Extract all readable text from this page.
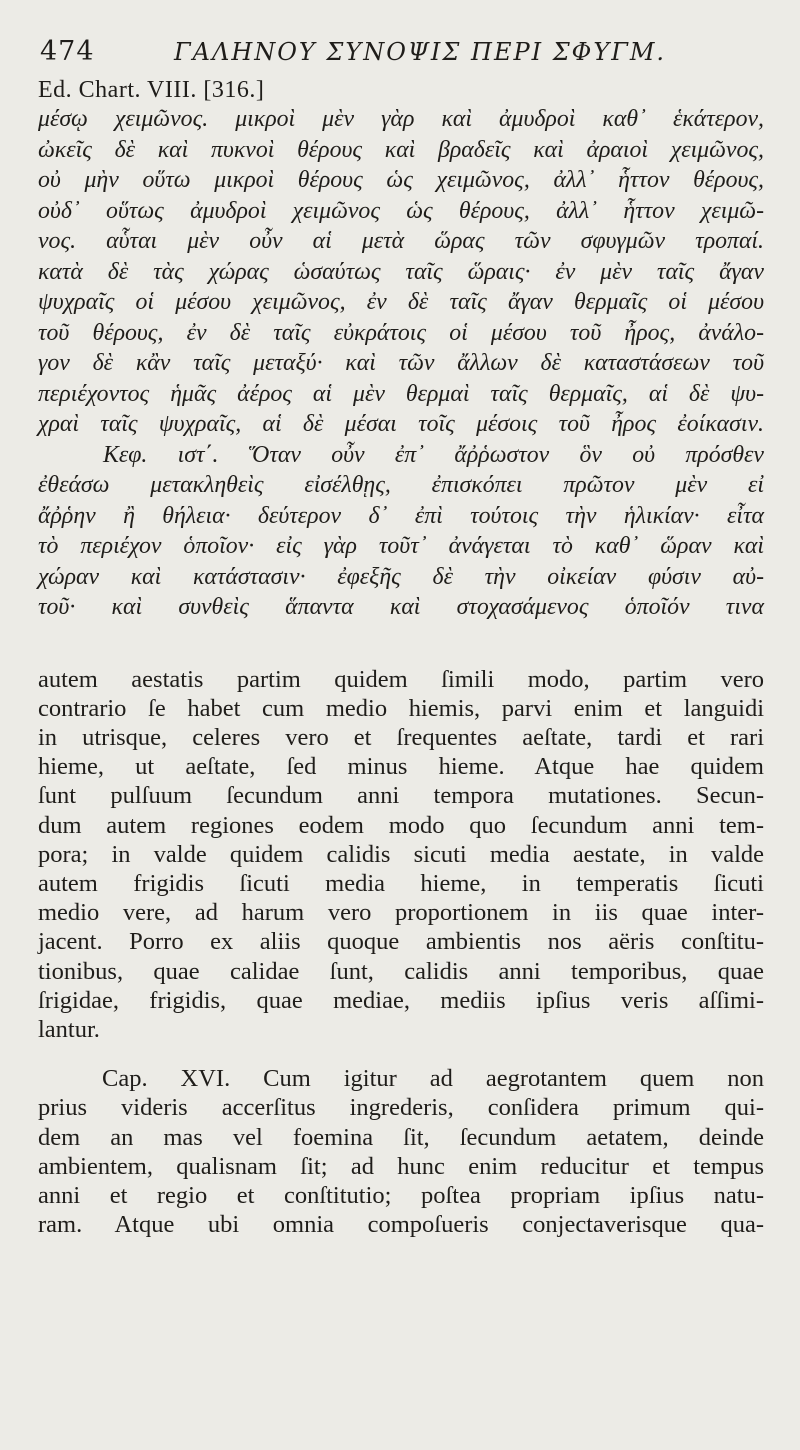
474	ΓΑΛΗΝΟΥ ΣΥΝΟΨΙΣ ΠΕΡΙ ΣΦΥΓΜ.
Ed. Chart. VIII. [316.]
μέσῳ χειμῶνος. μικροὶ μὲν γὰρ καὶ ἀμυδροὶ καθ᾽ ἑκάτερον,
ὠκεῖς δὲ καὶ πυκνοὶ θέρους καὶ βραδεῖς καὶ ἀραιοὶ χειμῶνος,
οὐ μὴν οὕτω μικροὶ θέρους ὡς χειμῶνος, ἀλλ᾽ ἧττον θέρους,
οὐδ᾽ οὕτως ἀμυδροὶ χειμῶνος ὡς θέρους, ἀλλ᾽ ἧττον χειμῶ-
νος. αὗται μὲν οὖν αἱ μετὰ ὥρας τῶν σφυγμῶν τροπαί.
κατὰ δὲ τὰς χώρας ὡσαύτως ταῖς ὥραις· ἐν μὲν ταῖς ἄγαν
ψυχραῖς οἱ μέσου χειμῶνος, ἐν δὲ ταῖς ἄγαν θερμαῖς οἱ μέσου
τοῦ θέρους, ἐν δὲ ταῖς εὐκράτοις οἱ μέσου τοῦ ἦρος, ἀνάλο-
γον δὲ κἂν ταῖς μεταξύ· καὶ τῶν ἄλλων δὲ καταστάσεων τοῦ
περιέχοντος ἡμᾶς ἀέρος αἱ μὲν θερμαὶ ταῖς θερμαῖς, αἱ δὲ ψυ-
χραὶ ταῖς ψυχραῖς, αἱ δὲ μέσαι τοῖς μέσοις τοῦ ἦρος ἐοίκασιν.
Κεφ. ιστ΄. Ὅταν οὖν ἐπ᾽ ἄῤῥωστον ὃν οὐ πρόσθεν
ἐθεάσω μετακληθεὶς εἰσέλθῃς, ἐπισκόπει πρῶτον μὲν εἰ
ἄῤῥην ἢ θήλεια· δεύτερον δ᾽ ἐπὶ τούτοις τὴν ἡλικίαν· εἶτα
τὸ περιέχον ὁποῖον· εἰς γὰρ τοῦτ᾽ ἀνάγεται τὸ καθ᾽ ὥραν καὶ
χώραν καὶ κατάστασιν· ἐφεξῆς δὲ τὴν οἰκείαν φύσιν αὐ-
τοῦ· καὶ συνθεὶς ἅπαντα καὶ στοχασάμενος ὁποῖόν τινα
autem aestatis partim quidem ſimili modo, partim vero
contrario ſe habet cum medio hiemis, parvi enim et languidi
in utrisque, celeres vero et ſrequentes aeſtate, tardi et rari
hieme, ut aeſtate, ſed minus hieme. Atque hae quidem
ſunt pulſuum ſecundum anni tempora mutationes. Secun-
dum autem regiones eodem modo quo ſecundum anni tem-
pora; in valde quidem calidis sicuti media aestate, in valde
autem frigidis ſicuti media hieme, in temperatis ſicuti
medio vere, ad harum vero proportionem in iis quae inter-
jacent. Porro ex aliis quoque ambientis nos aëris conſtitu-
tionibus, quae calidae ſunt, calidis anni temporibus, quae
ſrigidae, frigidis, quae mediae, mediis ipſius veris aſſimi-
lantur.
Cap. XVI. Cum igitur ad aegrotantem quem non
prius videris accerſitus ingrederis, conſidera primum qui-
dem an mas vel foemina ſit, ſecundum aetatem, deinde
ambientem, qualisnam ſit; ad hunc enim reducitur et tempus
anni et regio et conſtitutio; poſtea propriam ipſius natu-
ram. Atque ubi omnia compoſueris conjectaverisque qua-
